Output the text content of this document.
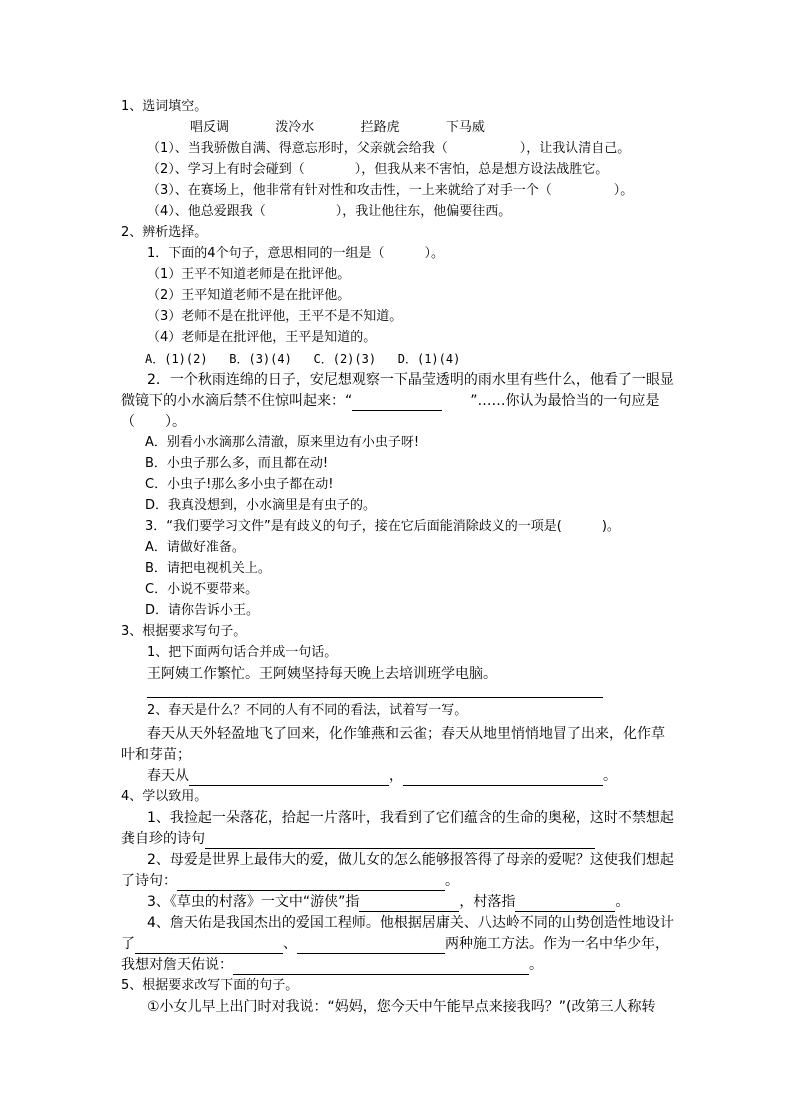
1、选词填空。
唱反调	泼冷水	拦路虎	下马威
（1）、当我骄傲自满、得意忘形时，父亲就会给我（	），让我认清自己。
（2）、学习上有时会碰到（	），但我从来不害怕，总是想方设法战胜它。
（3）、在赛场上，他非常有针对性和攻击性，一上来就给了对手一个（	）。
（4）、他总爱跟我（	），我让他往东，他偏要往西。
2、辨析选择。
1．下面的4个句子，意思相同的一组是（	）。
（1）王平不知道老师是在批评他。
（2）王平知道老师不是在批评他。
（3）老师不是在批评他，王平不是不知道。
（4）老师是在批评他，王平是知道的。
A．(1)(2)   B．(3)(4)   C．(2)(3)   D．(1)(4)
2．一个秋雨连绵的日子，安尼想观察一下晶莹透明的雨水里有些什么，他看了一眼显
微镜下的小水滴后禁不住惊叫起来：“	”……你认为最恰当的一句应是
（ ）。
A．别看小水滴那么清澈，原来里边有小虫子呀!
B．小虫子那么多，而且都在动!
C．小虫子!那么多小虫子都在动!
D．我真没想到，小水滴里是有虫子的。
3．“我们要学习文件”是有歧义的句子，接在它后面能消除歧义的一项是(	)。
A．请做好准备。
B．请把电视机关上。
C．小说不要带来。
D．请你告诉小王。
3、根据要求写句子。
1、把下面两句话合并成一句话。
王阿姨工作繁忙。王阿姨坚持每天晚上去培训班学电脑。
2、春天是什么？不同的人有不同的看法，试着写一写。
春天从天外轻盈地飞了回来，化作雏燕和云雀；春天从地里悄悄地冒了出来，化作草
叶和芽苗；
春天从	，	。
4、学以致用。
1、我捡起一朵落花，拾起一片落叶，我看到了它们蕴含的生命的奥秘，这时不禁想起
龚自珍的诗句
2、母爱是世界上最伟大的爱，做儿女的怎么能够报答得了母亲的爱呢？这使我们想起
了诗句：	。
3、《草虫的村落》一文中“游侠”指	，村落指	。
4、詹天佑是我国杰出的爱国工程师。他根据居庸关、八达岭不同的山势创造性地设计
了	、	两种施工方法。作为一名中华少年，
我想对詹天佑说：	。
5、根据要求改写下面的句子。
①小女儿早上出门时对我说：“妈妈，您今天中午能早点来接我吗？”(改第三人称转
